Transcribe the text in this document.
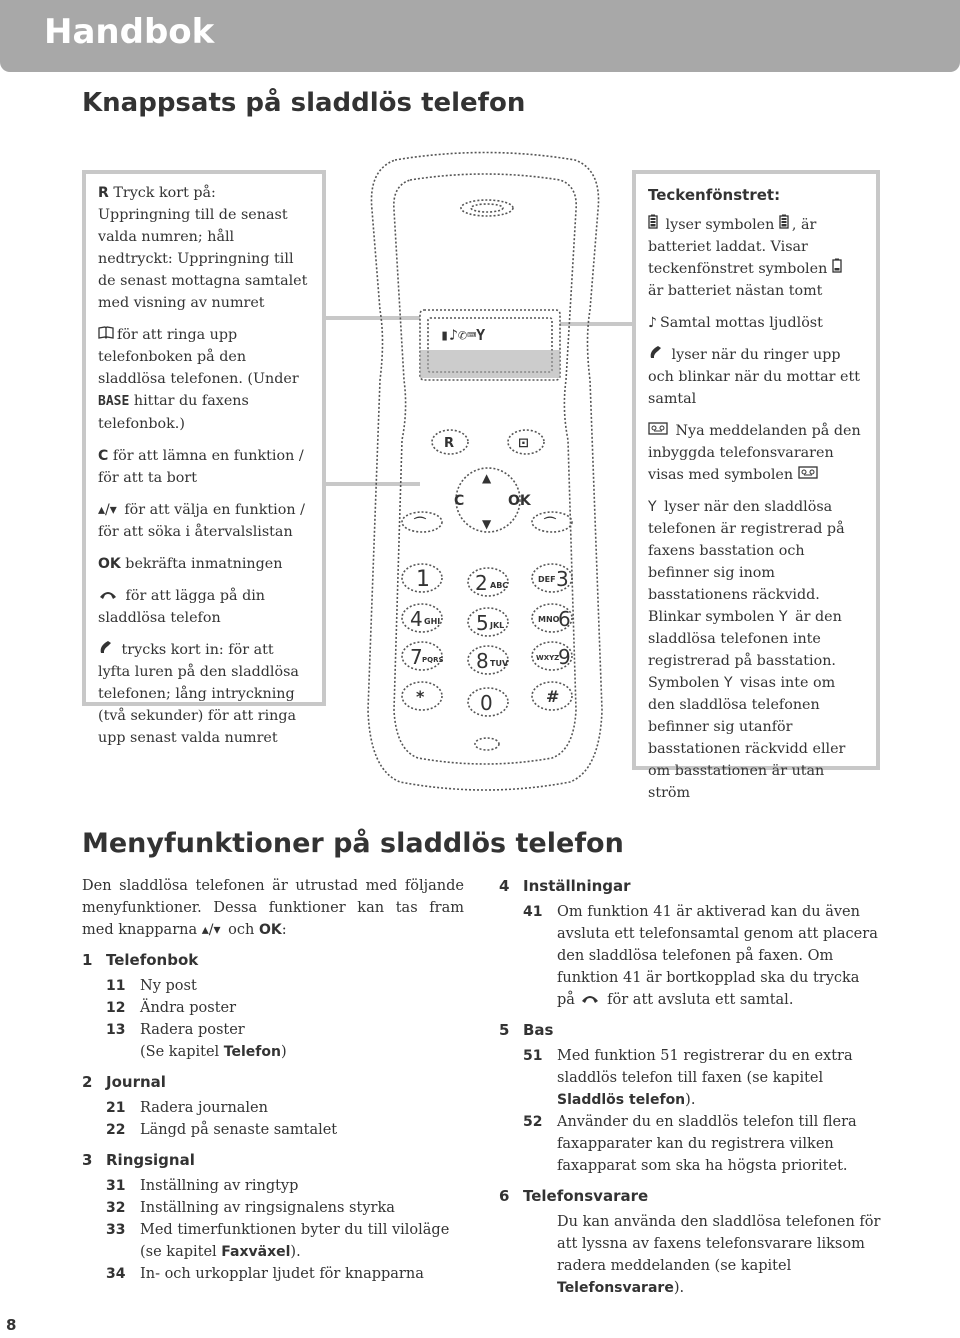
Handbok
Knappsats på sladdlös telefon

R Tryck kort på: Uppringning till de senast valda numren; håll nedtryckt: Uppringning till de senast mottagna samtalet med visning av numret

för att ringa upp telefonboken på den sladdlösa telefonen. (Under BASE hittar du faxens telefonbok.)

C för att lämna en funktion / för att ta bort

▴/▾ för att välja en funktion / för att söka i återvalslistan

OK bekräfta inmatningen

för att lägga på din sladdlösa telefon

trycks kort in: för att lyfta luren på den sladdlösa telefonen; lång intryckning (två sekunder) för att ringa upp senast valda numret

▮♪✆⌨Y
R	⊡
▲
▼
C	OK
⌒	⌒
1 2 ABC
DEF 3
4 GHI 5 JKL
MNO
6
7 PQRS 8 TUV
WXYZ
9
*	0	#
Teckenfönstret:

lyser symbolen , är batteriet laddat. Visar teckenfönstret symbolen  är batteriet nästan tomt

♪ Samtal mottas ljudlöst

lyser när du ringer upp och blinkar när du mottar ett samtal

Nya meddelanden på den inbyggda telefonsvararen visas med symbolen

Y lyser när den sladdlösa telefonen är registrerad på faxens basstation och befinner sig inom basstationens räckvidd. Blinkar symbolen Y är den sladdlösa telefonen inte registrerad på basstation. Symbolen Y visas inte om den sladdlösa telefonen befinner sig utanför basstationen räckvidd eller om basstationen är utan ström

Menyfunktioner på sladdlös telefon

Den sladdlösa telefonen är utrustad med följande menyfunktioner. Dessa funktioner kan tas fram med knapparna ▴/▾ och OK:

1 Telefonbok
11	Ny post
12	Ändra poster
13	Radera poster
(Se kapitel Telefon)
2 Journal
21	Radera journalen
22	Längd på senaste samtalet
3 Ringsignal
31	Inställning av ringtyp
32	Inställning av ringsignalens styrka
33	Med timerfunktionen byter du till viloläge
(se kapitel Faxväxel).
34	In- och urkopplar ljudet för knapparna
4 Inställningar
41	Om funktion 41 är aktiverad kan du även avsluta ett telefonsamtal genom att placera den sladdlösa telefonen på faxen. Om funktion 41 är bortkopplad ska du trycka på för att avsluta ett samtal.
5 Bas
51	Med funktion 51 registrerar du en extra sladdlös telefon till faxen (se kapitel Sladdlös telefon).
52	Använder du en sladdlös telefon till flera faxapparater kan du registrera vilken faxapparat som ska ha högsta prioritet.
6 Telefonsvarare
Du kan använda den sladdlösa telefonen för att lyssna av faxens telefonsvarare liksom radera meddelanden (se kapitel Telefonsvarare).
8
